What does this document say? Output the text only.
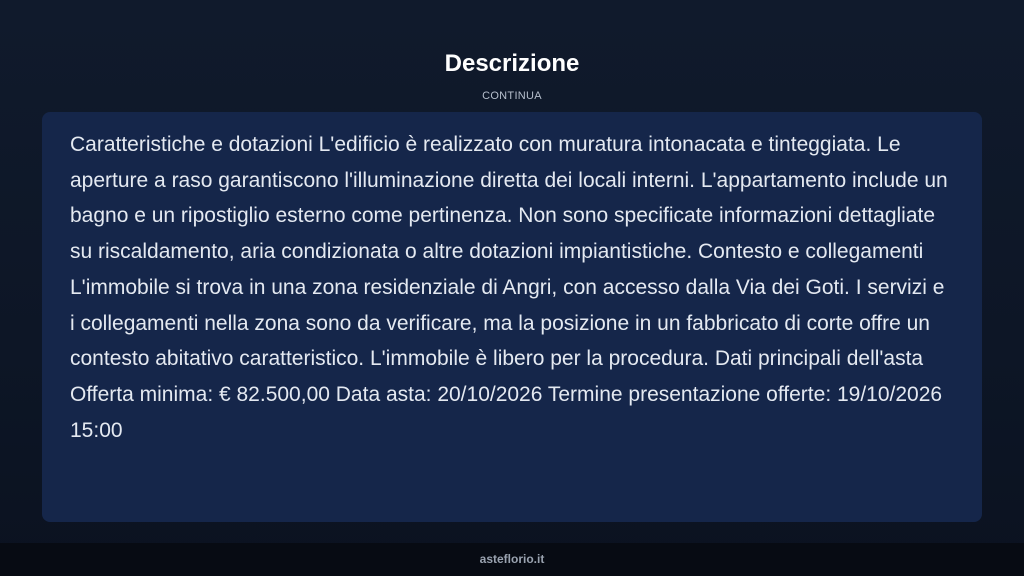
Descrizione
CONTINUA

Caratteristiche e dotazioni L'edificio è realizzato con muratura intonacata e tinteggiata. Le aperture a raso garantiscono l'illuminazione diretta dei locali interni. L'appartamento include un bagno e un ripostiglio esterno come pertinenza. Non sono specificate informazioni dettagliate su riscaldamento, aria condizionata o altre dotazioni impiantistiche. Contesto e collegamenti L'immobile si trova in una zona residenziale di Angri, con accesso dalla Via dei Goti. I servizi e i collegamenti nella zona sono da verificare, ma la posizione in un fabbricato di corte offre un contesto abitativo caratteristico. L'immobile è libero per la procedura. Dati principali dell'asta Offerta minima: € 82.500,00 Data asta: 20/10/2026 Termine presentazione offerte: 19/10/2026 15:00

asteflorio.it
